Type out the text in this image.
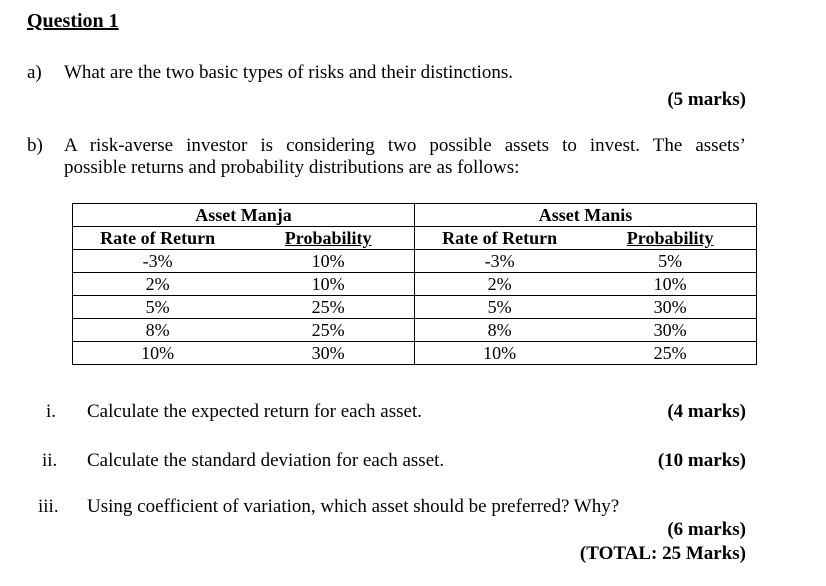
Question 1
a) What are the two basic types of risks and their distinctions.
(5 marks)
b) A risk-averse investor is considering two possible assets to invest. The assets’
possible returns and probability distributions are as follows:
Asset Manja		Asset Manis	
Rate of Return	Probability	Rate of Return	Probability
-3%	10%	-3%	5%
2%	10%	2%	10%
5%	25%	5%	30%
8%	25%	8%	30%
10%	30%	10%	25%
i. Calculate the expected return for each asset.	(4 marks)
ii. Calculate the standard deviation for each asset.	(10 marks)
iii. Using coefficient of variation, which asset should be preferred? Why?
(6 marks)
(TOTAL: 25 Marks)
